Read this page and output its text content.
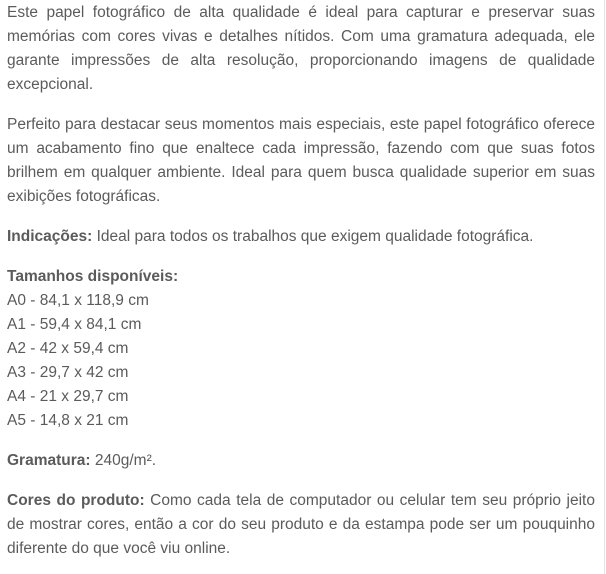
Este papel fotográfico de alta qualidade é ideal para capturar e preservar suas memórias com cores vivas e detalhes nítidos. Com uma gramatura adequada, ele garante impressões de alta resolução, proporcionando imagens de qualidade excepcional.

Perfeito para destacar seus momentos mais especiais, este papel fotográfico oferece um acabamento fino que enaltece cada impressão, fazendo com que suas fotos brilhem em qualquer ambiente. Ideal para quem busca qualidade superior em suas exibições fotográficas.

Indicações: Ideal para todos os trabalhos que exigem qualidade fotográfica.

Tamanhos disponíveis:
A0 - 84,1 x 118,9 cm
A1 - 59,4 x 84,1 cm
A2 - 42 x 59,4 cm
A3 - 29,7 x 42 cm
A4 - 21 x 29,7 cm
A5 - 14,8 x 21 cm

Gramatura: 240g/m².

Cores do produto: Como cada tela de computador ou celular tem seu próprio jeito de mostrar cores, então a cor do seu produto e da estampa pode ser um pouquinho diferente do que você viu online.
